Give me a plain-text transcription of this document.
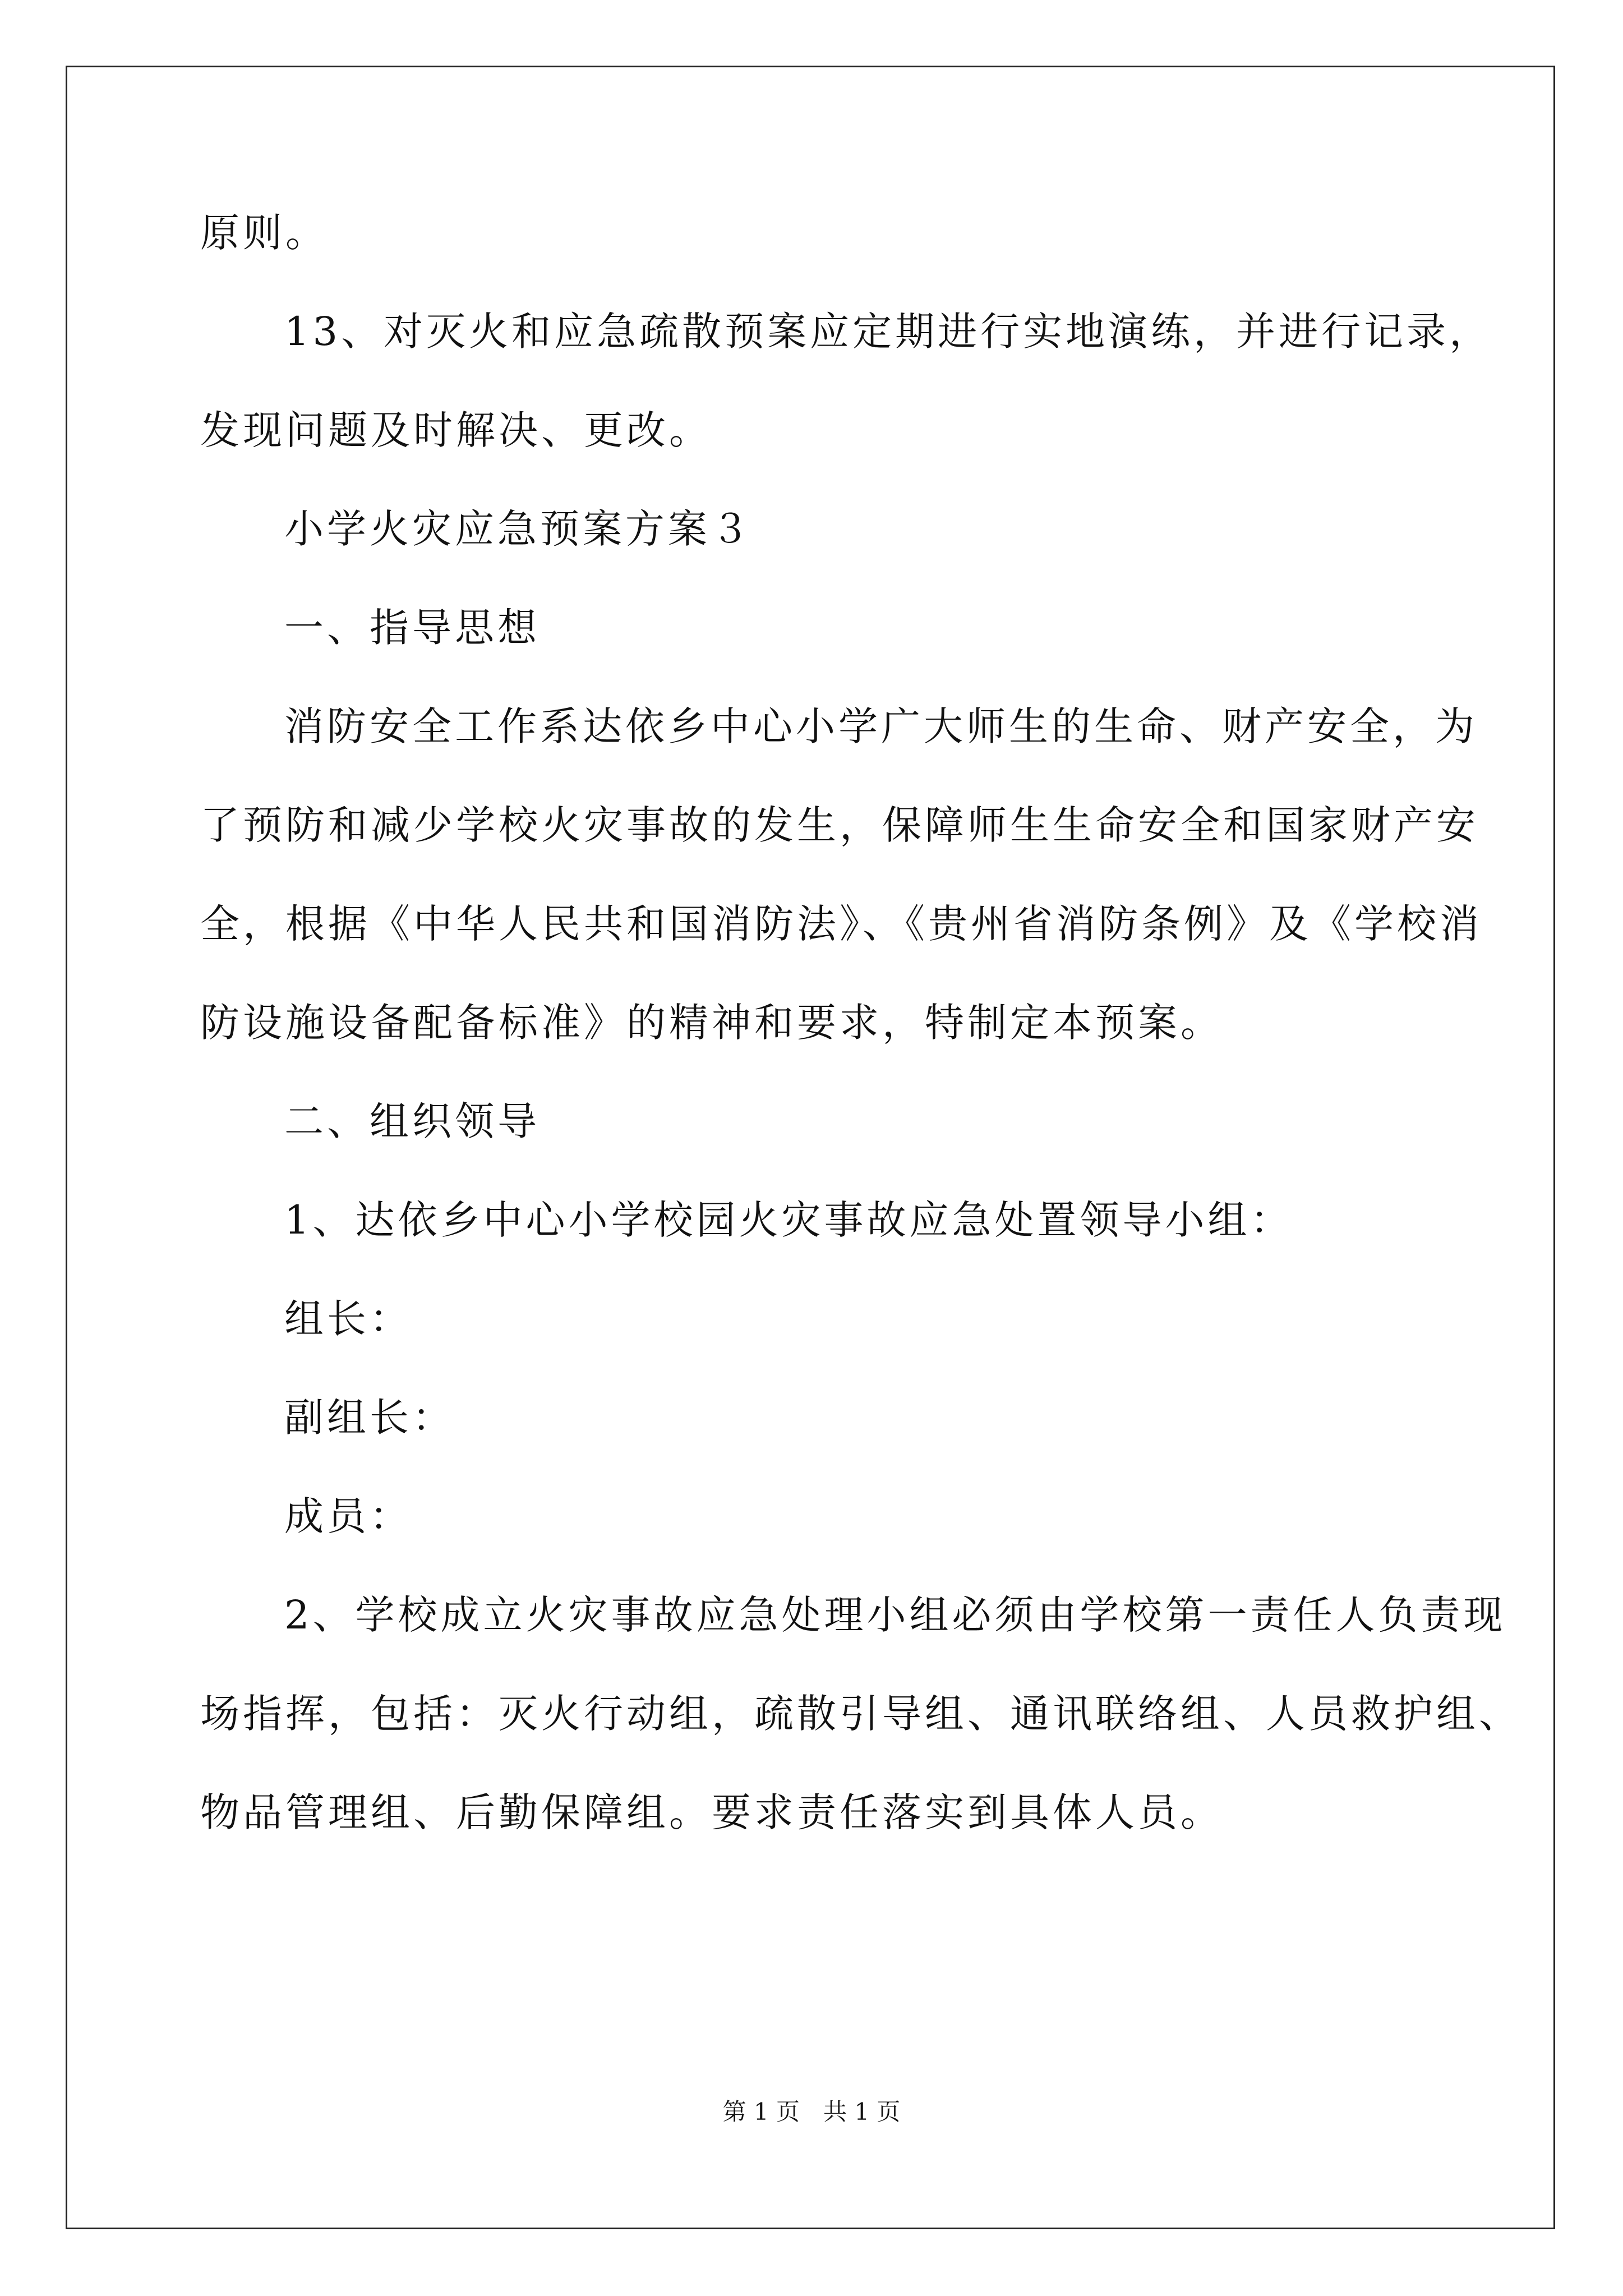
原则。
13、对灭火和应急疏散预案应定期进行实地演练，并进行记录，
发现问题及时解决、更改。
小学火灾应急预案方案３
一、指导思想
消防安全工作系达依乡中心小学广大师生的生命、财产安全，为
了预防和减少学校火灾事故的发生，保障师生生命安全和国家财产安
全，根据《中华人民共和国消防法》、《贵州省消防条例》及《学校消
防设施设备配备标准》的精神和要求，特制定本预案。
二、组织领导
1、达依乡中心小学校园火灾事故应急处置领导小组：
组长：
副组长：
成员：
2、学校成立火灾事故应急处理小组必须由学校第一责任人负责现
场指挥，包括：灭火行动组，疏散引导组、通讯联络组、人员救护组、
物品管理组、后勤保障组。要求责任落实到具体人员。
第 1 页　共 1 页
